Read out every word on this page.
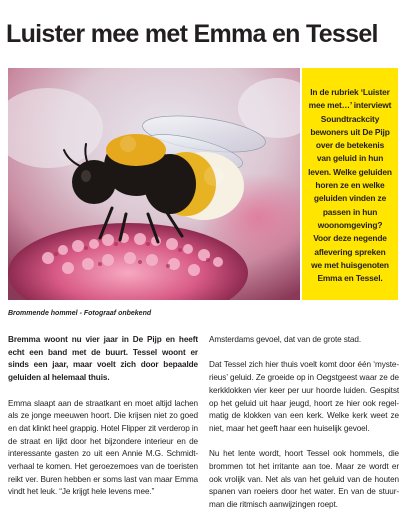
Luister mee met Emma en Tessel
In de rubriek ‘Luister mee met…’ interviewt Soundtrackcity bewoners uit De Pijp over de betekenis van geluid in hun leven. Welke geluiden horen ze en welke geluiden vinden ze passen in hun woonomgeving? Voor deze negende aflevering spreken we met huisgenoten Emma en Tessel.
Brommende hommel - Fotograaf onbekend

Bremma woont nu vier jaar in De Pijp en heeft echt een band met de buurt. Tessel woont er sinds een jaar, maar voelt zich door bepaalde geluiden al helemaal thuis.

Emma slaapt aan de straatkant en moet altijd lachen als ze jonge meeuwen hoort. Die krijsen niet zo goed en dat klinkt heel grappig. Hotel Flipper zit verderop in de straat en lijkt door het bijzondere interieur en de interessante gasten zo uit een Annie M.G. Schmidt-verhaal te komen. Het geroezemoes van de toeristen reikt ver. Buren hebben er soms last van maar Emma vindt het leuk. “Je krijgt hele levens mee.”

Amsterdams gevoel, dat van de grote stad.

Dat Tessel zich hier thuis voelt komt door één ‘myste-rieus’ geluid. Ze groeide op in Oegstgeest waar ze de kerkklokken vier keer per uur hoorde luiden. Gespitst op het geluid uit haar jeugd, hoort ze hier ook regel-matig de klokken van een kerk. Welke kerk weet ze niet, maar het geeft haar een huiselijk gevoel.

Nu het lente wordt, hoort Tessel ook hommels, die brommen tot het irritante aan toe. Maar ze wordt er ook vrolijk van. Net als van het geluid van de houten spanen van roeiers door het water. En van de stuur-man die ritmisch aanwijzingen roept.
